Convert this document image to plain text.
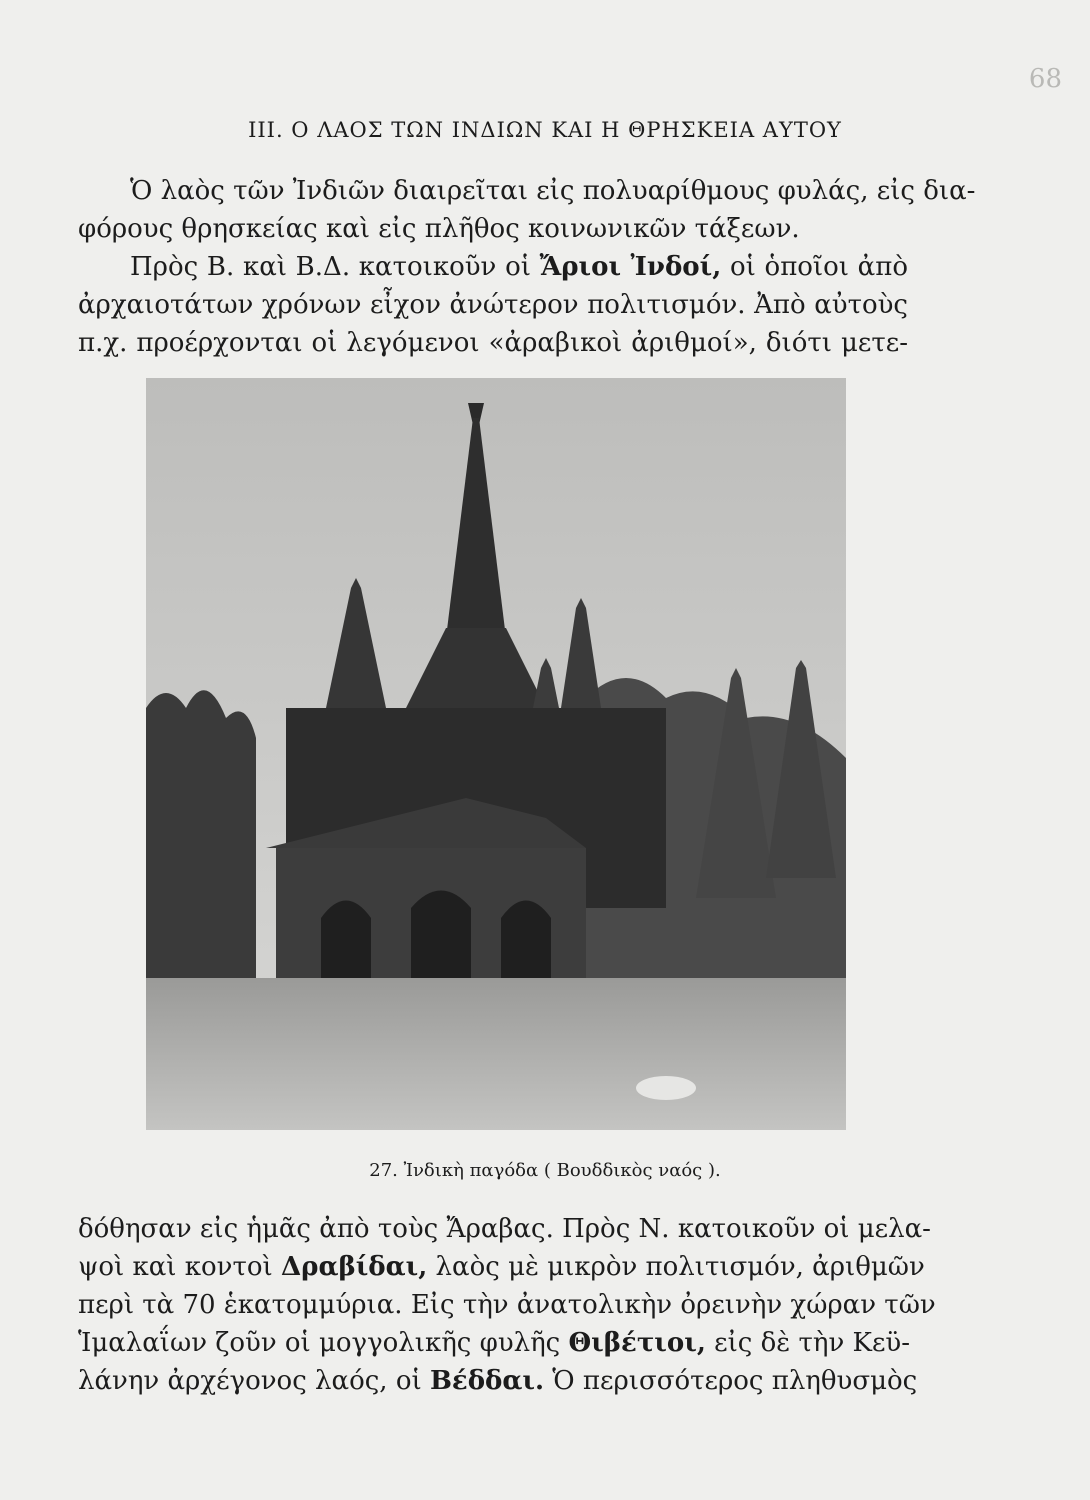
68
III. Ο ΛΑΟΣ ΤΩΝ ΙΝΔΙΩΝ ΚΑΙ Η ΘΡΗΣΚΕΙΑ ΑΥΤΟΥ

Ὁ λαὸς τῶν Ἰνδιῶν διαιρεῖται εἰς πολυαρίθμους φυλάς, εἰς δια-
φόρους θρησκείας καὶ εἰς πλῆθος κοινωνικῶν τάξεων.

Πρὸς Β. καὶ Β.Δ. κατοικοῦν οἱ Ἄριοι Ἰνδοί, οἱ ὁποῖοι ἀπὸ
ἀρχαιοτάτων χρόνων εἶχον ἀνώτερον πολιτισμόν. Ἀπὸ αὐτοὺς
π.χ. προέρχονται οἱ λεγόμενοι «ἀραβικοὶ ἀριθμοί», διότι μετε-

27. Ἰνδικὴ παγόδα ( Βουδδικὸς ναός ).

δόθησαν εἰς ἡμᾶς ἀπὸ τοὺς Ἄραβας. Πρὸς Ν. κατοικοῦν οἱ μελα-
ψοὶ καὶ κοντοὶ Δραβίδαι, λαὸς μὲ μικρὸν πολιτισμόν, ἀριθμῶν
περὶ τὰ 70 ἑκατομμύρια. Εἰς τὴν ἀνατολικὴν ὀρεινὴν χώραν τῶν
Ἱμαλαΐων ζοῦν οἱ μογγολικῆς φυλῆς Θιβέτιοι, εἰς δὲ τὴν Κεϋ-
λάνην ἀρχέγονος λαός, οἱ Βέδδαι. Ὁ περισσότερος πληθυσμὸς
